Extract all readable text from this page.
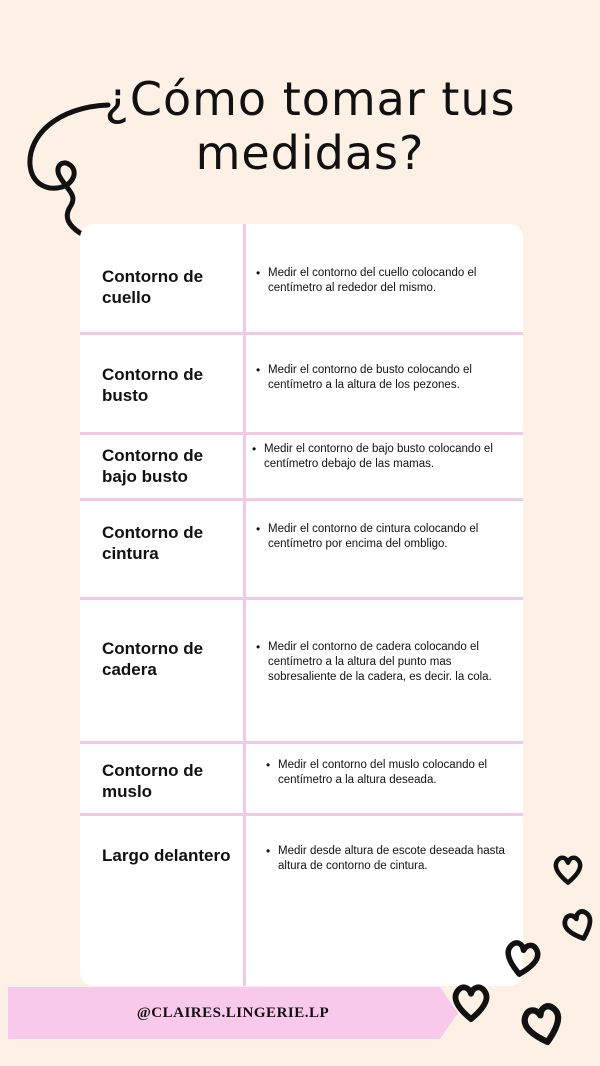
¿Cómo tomar tus medidas?
Contorno de cuello
• Medir el contorno del cuello colocando el centímetro al rededor del mismo.
Contorno de busto
• Medir el contorno de busto colocando el centímetro a la altura de los pezones.
Contorno de bajo busto
• Medir el contorno de bajo busto colocando el centímetro debajo de las mamas.
Contorno de cintura
• Medir el contorno de cintura colocando el centímetro por encima del ombligo.
Contorno de cadera
• Medir el contorno de cadera colocando el centímetro a la altura del punto mas sobresaliente de la cadera, es decir. la cola.
Contorno de muslo
• Medir el contorno del muslo colocando el centímetro a la altura deseada.
Largo delantero
•	Medir desde altura de escote deseada hasta altura de contorno de cintura.
@CLAIRES.LINGERIE.LP
